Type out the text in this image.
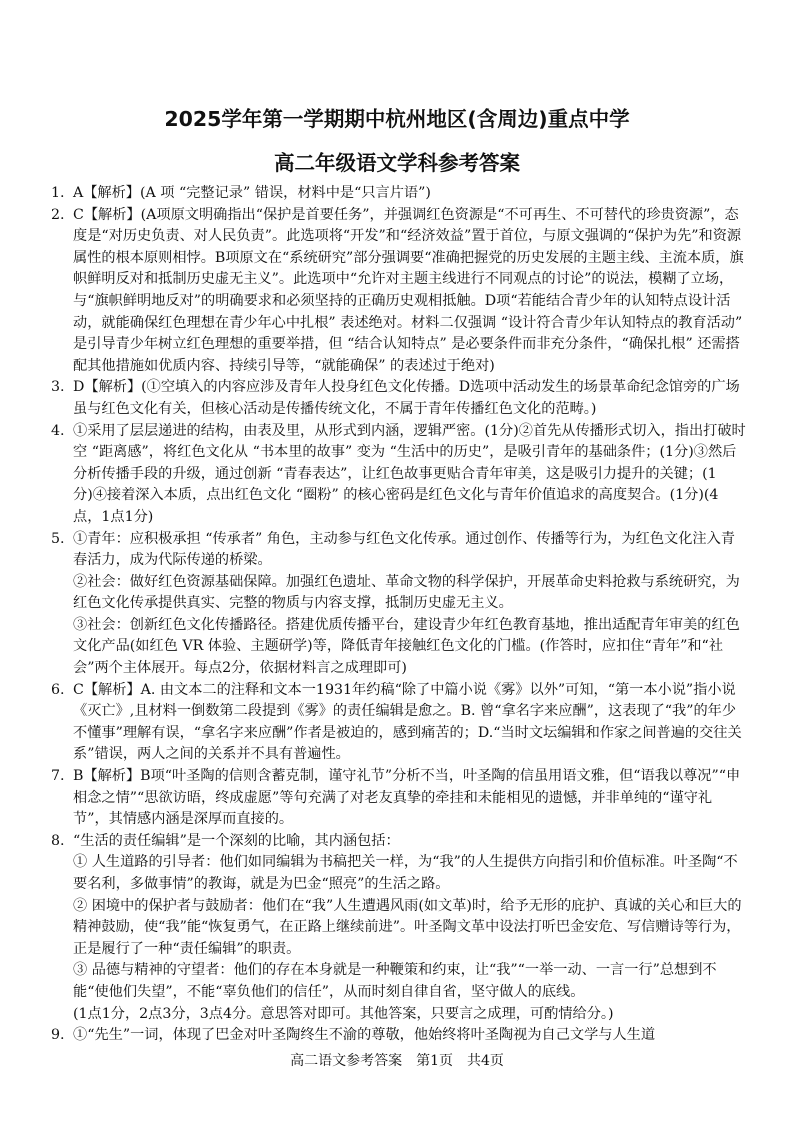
2025学年第一学期期中杭州地区(含周边)重点中学
高二年级语文学科参考答案
1. A【解析】(A 项 “完整记录” 错误，材料中是“只言片语”)

2. C【解析】(A项原文明确指出“保护是首要任务”，并强调红色资源是“不可再生、不可替代的珍贵资源”，态度是“对历史负责、对人民负责”。此选项将“开发”和“经济效益”置于首位，与原文强调的“保护为先”和资源属性的根本原则相悖。B项原文在“系统研究”部分强调要“准确把握党的历史发展的主题主线、主流本质，旗帜鲜明反对和抵制历史虚无主义”。此选项中“允许对主题主线进行不同观点的讨论”的说法，模糊了立场，与“旗帜鲜明地反对”的明确要求和必须坚持的正确历史观相抵触。D项“若能结合青少年的认知特点设计活动，就能确保红色理想在青少年心中扎根” 表述绝对。材料二仅强调 “设计符合青少年认知特点的教育活动” 是引导青少年树立红色理想的重要举措，但 “结合认知特点” 是必要条件而非充分条件，“确保扎根” 还需搭配其他措施如优质内容、持续引导等，“就能确保” 的表述过于绝对)

3. D【解析】(①空填入的内容应涉及青年人投身红色文化传播。D选项中活动发生的场景革命纪念馆旁的广场虽与红色文化有关，但核心活动是传播传统文化，不属于青年传播红色文化的范畴。)

4. ①采用了层层递进的结构，由表及里，从形式到内涵，逻辑严密。(1分)②首先从传播形式切入，指出打破时空 “距离感”，将红色文化从 “书本里的故事” 变为 “生活中的历史”，是吸引青年的基础条件；(1分)③然后分析传播手段的升级，通过创新 “青春表达”，让红色故事更贴合青年审美，这是吸引力提升的关键；(1分)④接着深入本质，点出红色文化 “圈粉” 的核心密码是红色文化与青年价值追求的高度契合。(1分)(4点，1点1分)

5. ①青年：应积极承担 “传承者” 角色，主动参与红色文化传承。通过创作、传播等行为，为红色文化注入青春活力，成为代际传递的桥梁。

②社会：做好红色资源基础保障。加强红色遗址、革命文物的科学保护，开展革命史料抢救与系统研究，为红色文化传承提供真实、完整的物质与内容支撑，抵制历史虚无主义。

③社会：创新红色文化传播路径。搭建优质传播平台，建设青少年红色教育基地，推出适配青年审美的红色文化产品(如红色 VR 体验、主题研学)等，降低青年接触红色文化的门槛。(作答时，应扣住“青年”和“社会”两个主体展开。每点2分，依据材料言之成理即可)

6. C【解析】A. 由文本二的注释和文本一1931年约稿“除了中篇小说《雾》以外”可知，“第一本小说”指小说《灭亡》,且材料一倒数第二段提到《雾》的责任编辑是愈之。B. 曾“拿名字来应酬”，这表现了“我”的年少不懂事”理解有误，“拿名字来应酬”作者是被迫的，感到痛苦的；D.“当时文坛编辑和作家之间普遍的交往关系”错误，两人之间的关系并不具有普遍性。

7. B【解析】B项“叶圣陶的信则含蓄克制，谨守礼节”分析不当，叶圣陶的信虽用语文雅，但“语我以尊况”“申相念之情”“思欲访晤，终成虚愿”等句充满了对老友真挚的牵挂和未能相见的遗憾，并非单纯的“谨守礼节”，其情感内涵是深厚而直接的。

8. “生活的责任编辑”是一个深刻的比喻，其内涵包括：

① 人生道路的引导者：他们如同编辑为书稿把关一样，为“我”的人生提供方向指引和价值标准。叶圣陶“不要名利，多做事情”的教诲，就是为巴金“照亮”的生活之路。

② 困境中的保护者与鼓励者：他们在“我”人生遭遇风雨(如文革)时，给予无形的庇护、真诚的关心和巨大的精神鼓励，使“我”能“恢复勇气，在正路上继续前进”。叶圣陶文革中设法打听巴金安危、写信赠诗等行为，正是履行了一种“责任编辑”的职责。

③ 品德与精神的守望者：他们的存在本身就是一种鞭策和约束，让“我”“一举一动、一言一行”总想到不能“使他们失望”，不能“辜负他们的信任”，从而时刻自律自省，坚守做人的底线。

(1点1分，2点3分，3点4分。意思答对即可。其他答案，只要言之成理，可酌情给分。)

9. ①“先生”一词，体现了巴金对叶圣陶终生不渝的尊敬，他始终将叶圣陶视为自己文学与人生道

高二语文参考答案　第1页　共4页
